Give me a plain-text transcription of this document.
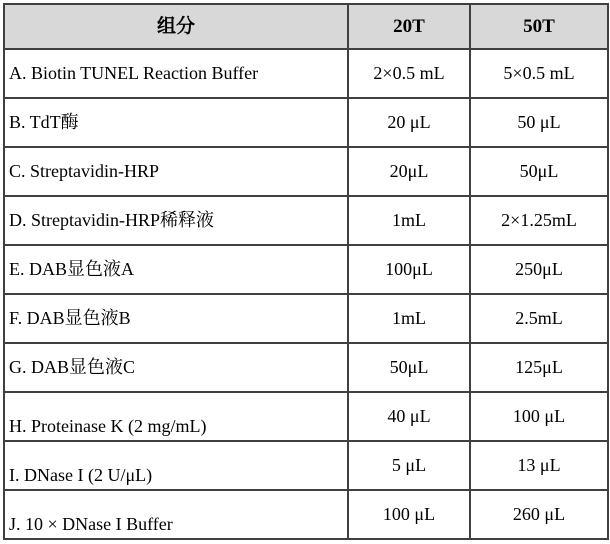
组分	20T	50T
A. Biotin TUNEL Reaction Buffer	2×0.5 mL	5×0.5 mL
B. TdT酶	20 μL	50 μL
C. Streptavidin-HRP	20μL	50μL
D. Streptavidin-HRP稀释液	1mL	2×1.25mL
E. DAB显色液A	100μL	250μL
F. DAB显色液B	1mL	2.5mL
G. DAB显色液C	50μL	125μL
H. Proteinase K (2 mg/mL)	40 μL	100 μL
I. DNase I (2 U/μL)	5 μL	13 μL
J. 10 × DNase I Buffer	100 μL	260 μL
